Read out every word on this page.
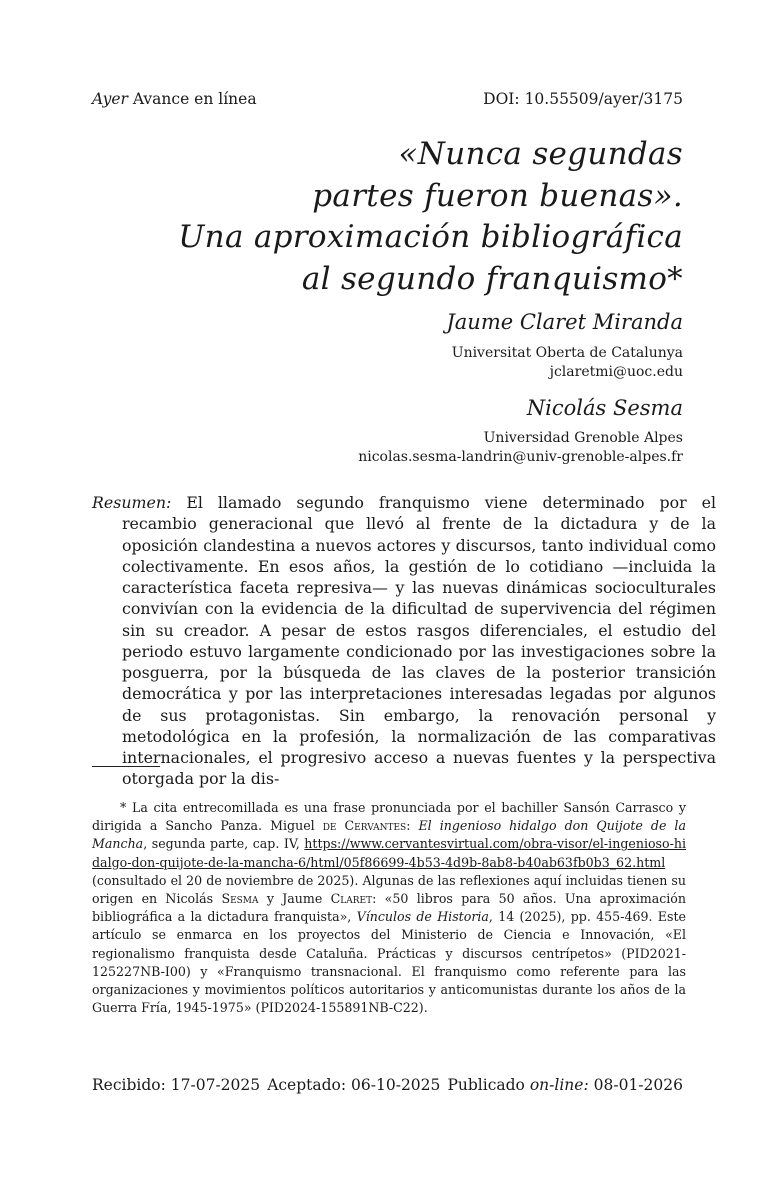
Ayer Avance en línea	DOI: 10.55509/ayer/3175
«Nunca segundas
partes fueron buenas».
Una aproximación bibliográfica
al segundo franquismo*
Jaume Claret Miranda
Universitat Oberta de Catalunya
jclaretmi@uoc.edu
Nicolás Sesma
Universidad Grenoble Alpes
nicolas.sesma-landrin@univ-grenoble-alpes.fr

Resumen: El llamado segundo franquismo viene determinado por el recambio generacional que llevó al frente de la dictadura y de la oposición clandestina a nuevos actores y discursos, tanto individual como colectivamente. En esos años, la gestión de lo cotidiano —incluida la característica faceta represiva— y las nuevas dinámicas socioculturales convivían con la evidencia de la dificultad de supervivencia del régimen sin su creador. A pesar de estos rasgos diferenciales, el estudio del periodo estuvo largamente condicionado por las investigaciones sobre la posguerra, por la búsqueda de las claves de la posterior transición democrática y por las interpretaciones interesadas legadas por algunos de sus protagonistas. Sin embargo, la renovación personal y metodológica en la profesión, la normalización de las comparativas internacionales, el progresivo acceso a nuevas fuentes y la perspectiva otorgada por la dis-

* La cita entrecomillada es una frase pronunciada por el bachiller Sansón Carrasco y dirigida a Sancho Panza. Miguel de Cervantes: El ingenioso hidalgo don Quijote de la Mancha, segunda parte, cap. IV, https://www.cervantesvirtual.com/obra-visor/el-ingenioso-hidalgo-don-quijote-de-la-mancha-6/html/05f86699-4b53-4d9b-8ab8-b40ab63fb0b3_62.html (consultado el 20 de noviembre de 2025). Algunas de las reflexiones aquí incluidas tienen su origen en Nicolás Sesma y Jaume Claret: «50 libros para 50 años. Una aproximación bibliográfica a la dictadura franquista», Vínculos de Historia, 14 (2025), pp. 455-469. Este artículo se enmarca en los proyectos del Ministerio de Ciencia e Innovación, «El regionalismo franquista desde Cataluña. Prácticas y discursos centrípetos» (PID2021-125227NB-I00) y «Franquismo transnacional. El franquismo como referente para las organizaciones y movimientos políticos autoritarios y anticomunistas durante los años de la Guerra Fría, 1945-1975» (PID2024-155891NB-C22).

Recibido: 17-07-2025 Aceptado: 06-10-2025 Publicado on-line: 08-01-2026
